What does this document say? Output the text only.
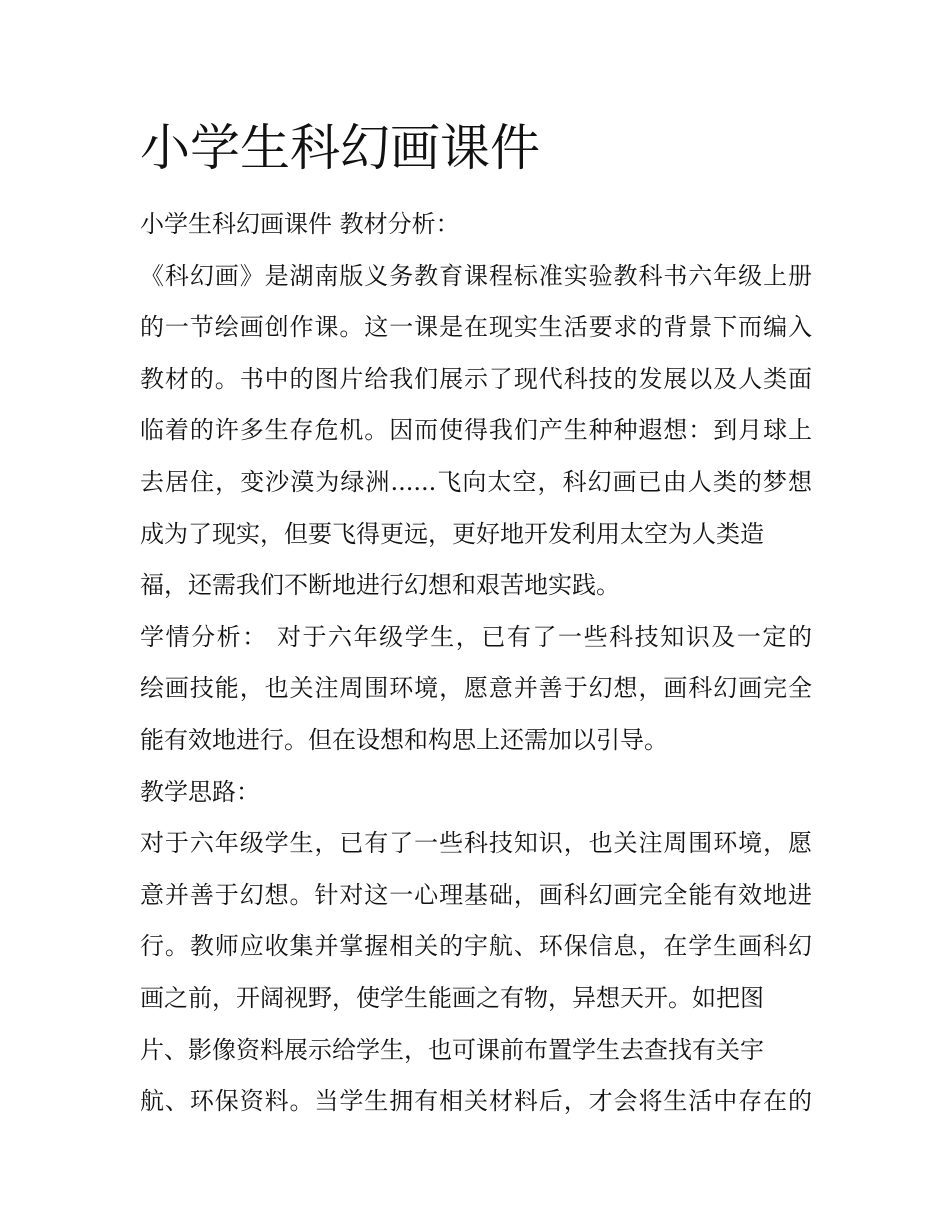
小学生科幻画课件
小学生科幻画课件 教材分析：
《科幻画》是湖南版义务教育课程标准实验教科书六年级上册
的一节绘画创作课。这一课是在现实生活要求的背景下而编入
教材的。书中的图片给我们展示了现代科技的发展以及人类面
临着的许多生存危机。因而使得我们产生种种遐想：到月球上
去居住，变沙漠为绿洲......飞向太空，科幻画已由人类的梦想
成为了现实，但要飞得更远，更好地开发利用太空为人类造
福，还需我们不断地进行幻想和艰苦地实践。
学情分析： 对于六年级学生，已有了一些科技知识及一定的
绘画技能，也关注周围环境，愿意并善于幻想，画科幻画完全
能有效地进行。但在设想和构思上还需加以引导。
教学思路：
对于六年级学生，已有了一些科技知识，也关注周围环境，愿
意并善于幻想。针对这一心理基础，画科幻画完全能有效地进
行。教师应收集并掌握相关的宇航、环保信息，在学生画科幻
画之前，开阔视野，使学生能画之有物，异想天开。如把图
片、影像资料展示给学生，也可课前布置学生去查找有关宇
航、环保资料。当学生拥有相关材料后，才会将生活中存在的
